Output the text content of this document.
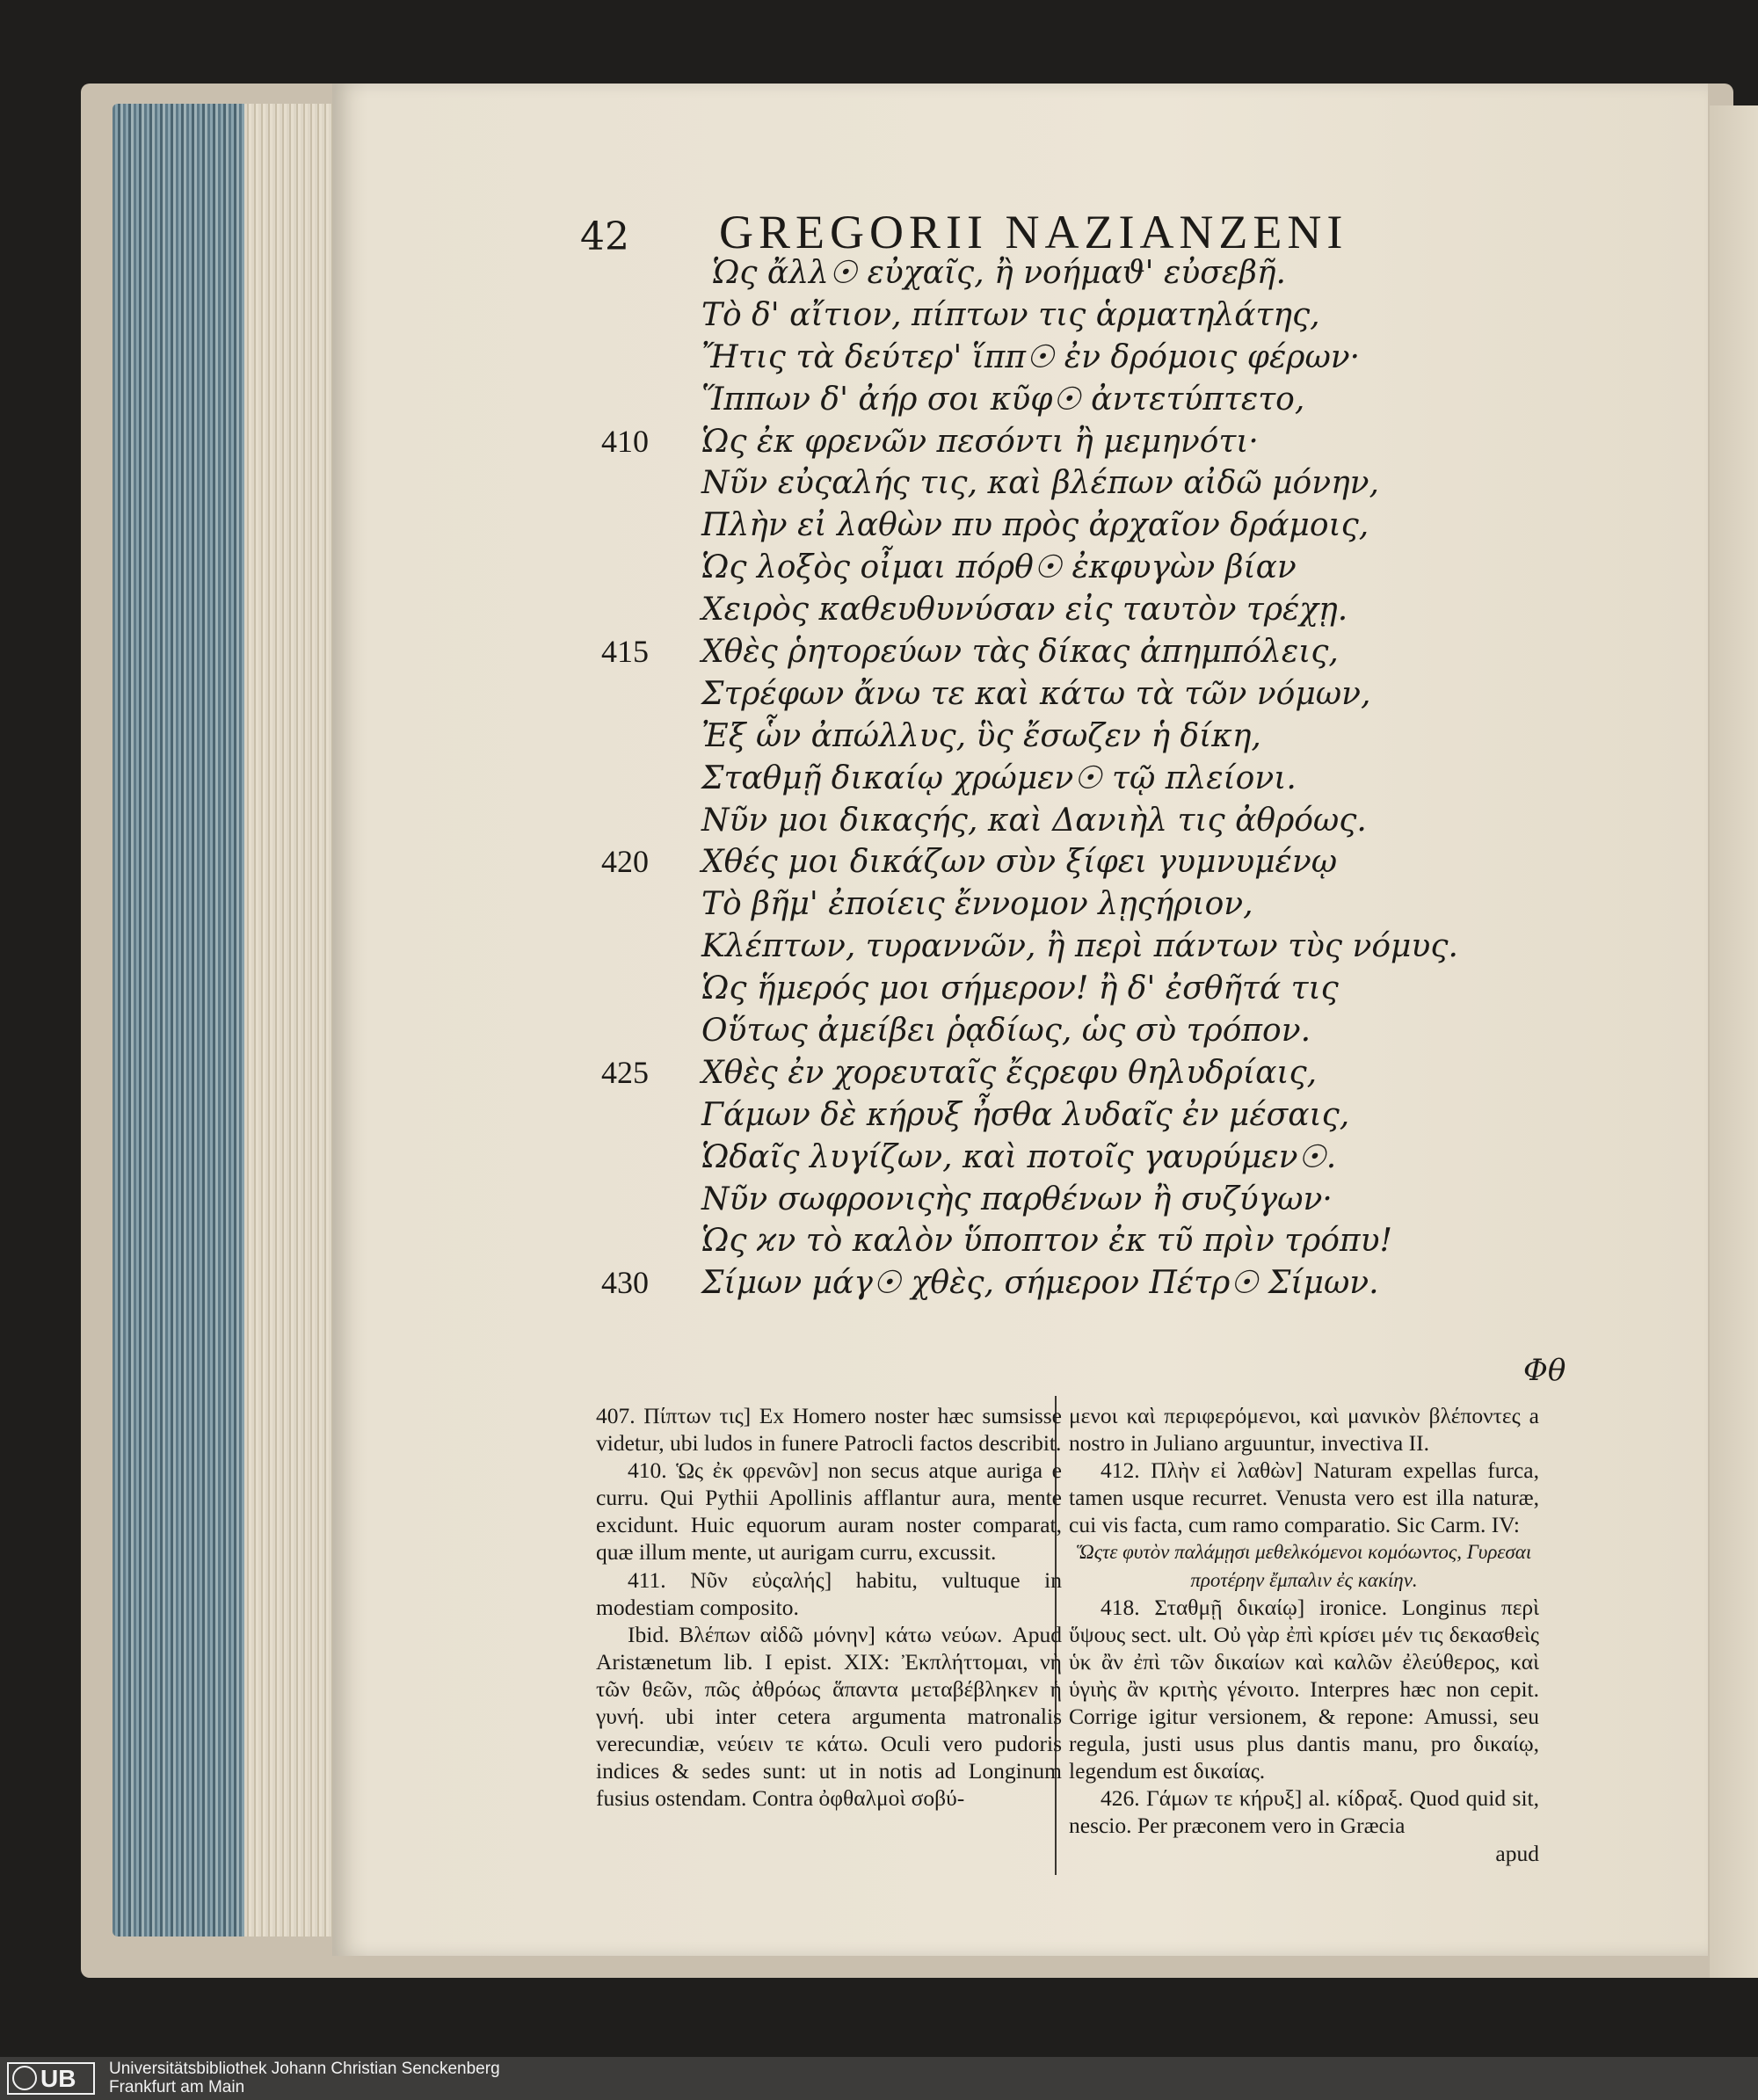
42 GREGORII NAZIANZENI
Ὡς ἄλλ☉ εὐχαῖς, ἢ νοήμαϑ' εὐσεβῆ.
Τὸ δ' αἴτιον, πίπτων τις ἁρματηλάτης,
Ἤτις τὰ δεύτερ' ἵππ☉ ἐν δρόμοις φέρων·
Ἵππων δ' ἀήρ σοι κῦφ☉ ἀντετύπτετο,
410 Ὡς ἐκ φρενῶν πεσόντι ἢ μεμηνότι·
Νῦν εὐςαλής τις, καὶ βλέπων αἰδῶ μόνην,
Πλὴν εἰ λαθὼν πυ πρὸς ἀρχαῖον δράμοις,
Ὡς λοξὸς οἶμαι πόρθ☉ ἐκφυγὼν βίαν
Χειρὸς καθευθυνύσαν εἰς ταυτὸν τρέχῃ.
415 Χθὲς ῥητορεύων τὰς δίκας ἀπημπόλεις,
Στρέφων ἄνω τε καὶ κάτω τὰ τῶν νόμων,
Ἐξ ὧν ἀπώλλυς, ὓς ἔσωζεν ἡ δίκη,
Σταθμῇ δικαίῳ χρώμεν☉ τῷ πλείονι.
Νῦν μοι δικαςής, καὶ Δανιὴλ τις ἀθρόως.
420 Χθές μοι δικάζων σὺν ξίφει γυμνυμένῳ
Τὸ βῆμ' ἐποίεις ἔννομον λῃςήριον,
Κλέπτων, τυραννῶν, ἢ περὶ πάντων τὺς νόμυς.
Ὡς ἥμερός μοι σήμερον! ἢ δ' ἐσθῆτά τις
Οὕτως ἀμείβει ῥᾳδίως, ὡς σὺ τρόπον.
425 Χθὲς ἐν χορευταῖς ἔςρεφυ θηλυδρίαις,
Γάμων δὲ κήρυξ ἦσθα λυδαῖς ἐν μέσαις,
Ὡδαῖς λυγίζων, καὶ ποτοῖς γαυρύμεν☉.
Νῦν σωφρονιςὴς παρθένων ἢ συζύγων·
Ὡς ϰν τὸ καλὸν ὕποπτον ἐκ τῦ πρὶν τρόπυ!
430 Σίμων μάγ☉ χθὲς, σήμερον Πέτρ☉ Σίμων.
Φθ

407. Πίπτων τις] Ex Homero noster hæc sumsisse videtur, ubi ludos in funere Patrocli factos describit.

410. Ὡς ἐκ φρενῶν] non secus atque auriga e curru. Qui Pythii Apollinis afflantur aura, mente excidunt. Huic equorum auram noster comparat, quæ illum mente, ut aurigam curru, excussit.

411. Νῦν εὐςαλής] habitu, vultuque in modestiam composito.

Ibid. Βλέπων αἰδῶ μόνην] κάτω νεύων. Apud Aristænetum lib. I epist. XIX: Ἐκπλήττομαι, νὴ τῶν θεῶν, πῶς ἀθρόως ἅπαντα μεταβέβληκεν ἡ γυνή. ubi inter cetera argumenta matronalis verecundiæ, νεύειν τε κάτω. Oculi vero pudoris indices & sedes sunt: ut in notis ad Longinum fusius ostendam. Contra ὀφθαλμοὶ σοβύ-

μενοι καὶ περιφερόμενοι, καὶ μανικὸν βλέποντες a nostro in Juliano arguuntur, invectiva II.

412. Πλὴν εἰ λαθὼν] Naturam expellas furca, tamen usque recurret. Venusta vero est illa naturæ, cui vis facta, cum ramo comparatio. Sic Carm. IV:

Ὥςτε φυτὸν παλάμῃσι μεθελκόμενοι κομόωντος, Γυρεσαι προτέρην ἔμπαλιν ἐς κακίην.

418. Σταθμῇ δικαίῳ] ironice. Longinus περὶ ὕψους sect. ult. Οὐ γὰρ ἐπὶ κρίσει μέν τις δεκασθεὶς ὑκ ἂν ἐπὶ τῶν δικαίων καὶ καλῶν ἐλεύθερος, καὶ ὑγιὴς ἂν κριτὴς γένοιτο. Interpres hæc non cepit. Corrige igitur versionem, & repone: Amussi, seu regula, justi usus plus dantis manu, pro δικαίῳ, legendum est δικαίας.

426. Γάμων τε κήρυξ] al. κίδραξ. Quod quid sit, nescio. Per præconem vero in Græcia

apud

UB	Universitätsbibliothek Johann Christian Senckenberg
Frankfurt am Main
